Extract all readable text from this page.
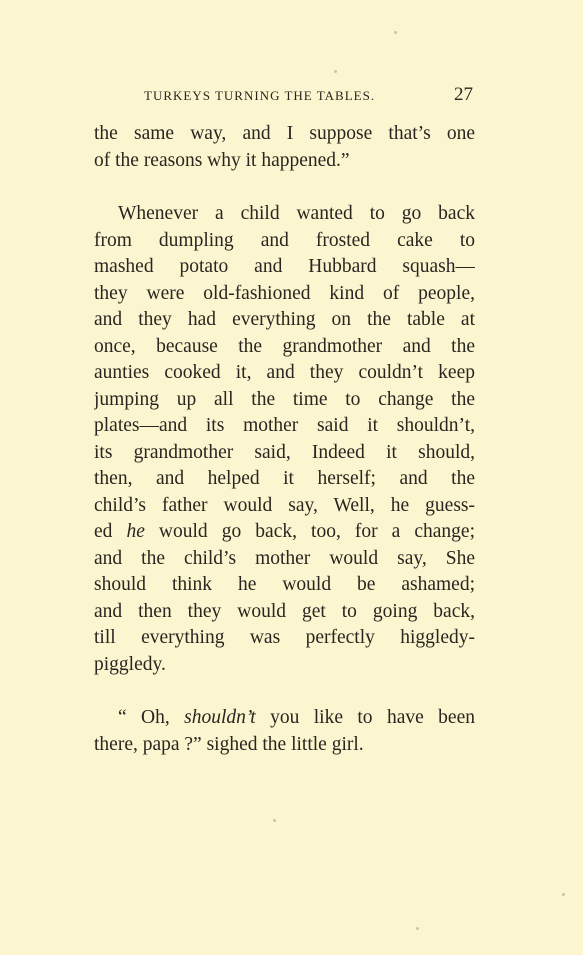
TURKEYS TURNING THE TABLES.	27
the same way, and I suppose that’s one
of the reasons why it happened.”
Whenever a child wanted to go back
from dumpling and frosted cake to
mashed potato and Hubbard squash—
they were old-fashioned kind of people,
and they had everything on the table at
once, because the grandmother and the
aunties cooked it, and they couldn’t keep
jumping up all the time to change the
plates—and its mother said it shouldn’t,
its grandmother said, Indeed it should,
then, and helped it herself; and the
child’s father would say, Well, he guess-
ed he would go back, too, for a change;
and the child’s mother would say, She
should think he would be ashamed;
and then they would get to going back,
till everything was perfectly higgledy-
piggledy.
“ Oh, shouldn’t you like to have been
there, papa ?” sighed the little girl.
